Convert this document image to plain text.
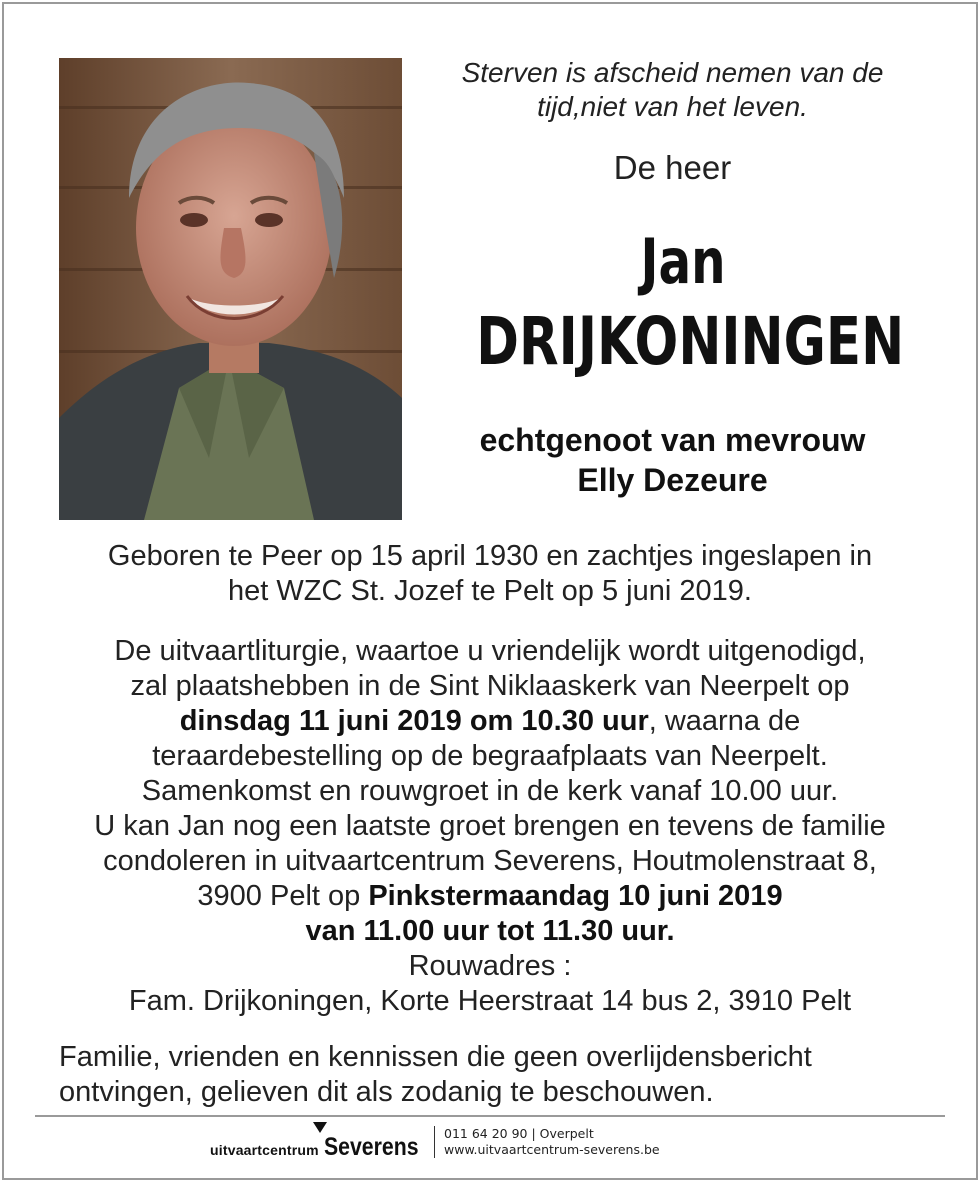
Sterven is afscheid nemen van de
tijd,niet van het leven.
De heer
Jan
DRIJKONINGEN
echtgenoot van mevrouw
Elly Dezeure
Geboren te Peer op 15 april 1930 en zachtjes ingeslapen in
het WZC St. Jozef te Pelt op 5 juni 2019.
De uitvaartliturgie, waartoe u vriendelijk wordt uitgenodigd,
zal plaatshebben in de Sint Niklaaskerk van Neerpelt op
dinsdag 11 juni 2019 om 10.30 uur, waarna de
teraardebestelling op de begraafplaats van Neerpelt.
Samenkomst en rouwgroet in de kerk vanaf 10.00 uur.
U kan Jan nog een laatste groet brengen en tevens de familie
condoleren in uitvaartcentrum Severens, Houtmolenstraat 8,
3900 Pelt op Pinkstermaandag 10 juni 2019
van 11.00 uur tot 11.30 uur.
Rouwadres :
Fam. Drijkoningen, Korte Heerstraat 14 bus 2, 3910 Pelt
Familie, vrienden en kennissen die geen overlijdensbericht
ontvingen, gelieven dit als zodanig te beschouwen.
uitvaartcentrum Severens 011 64 20 90 | Overpelt
www.uitvaartcentrum-severens.be
